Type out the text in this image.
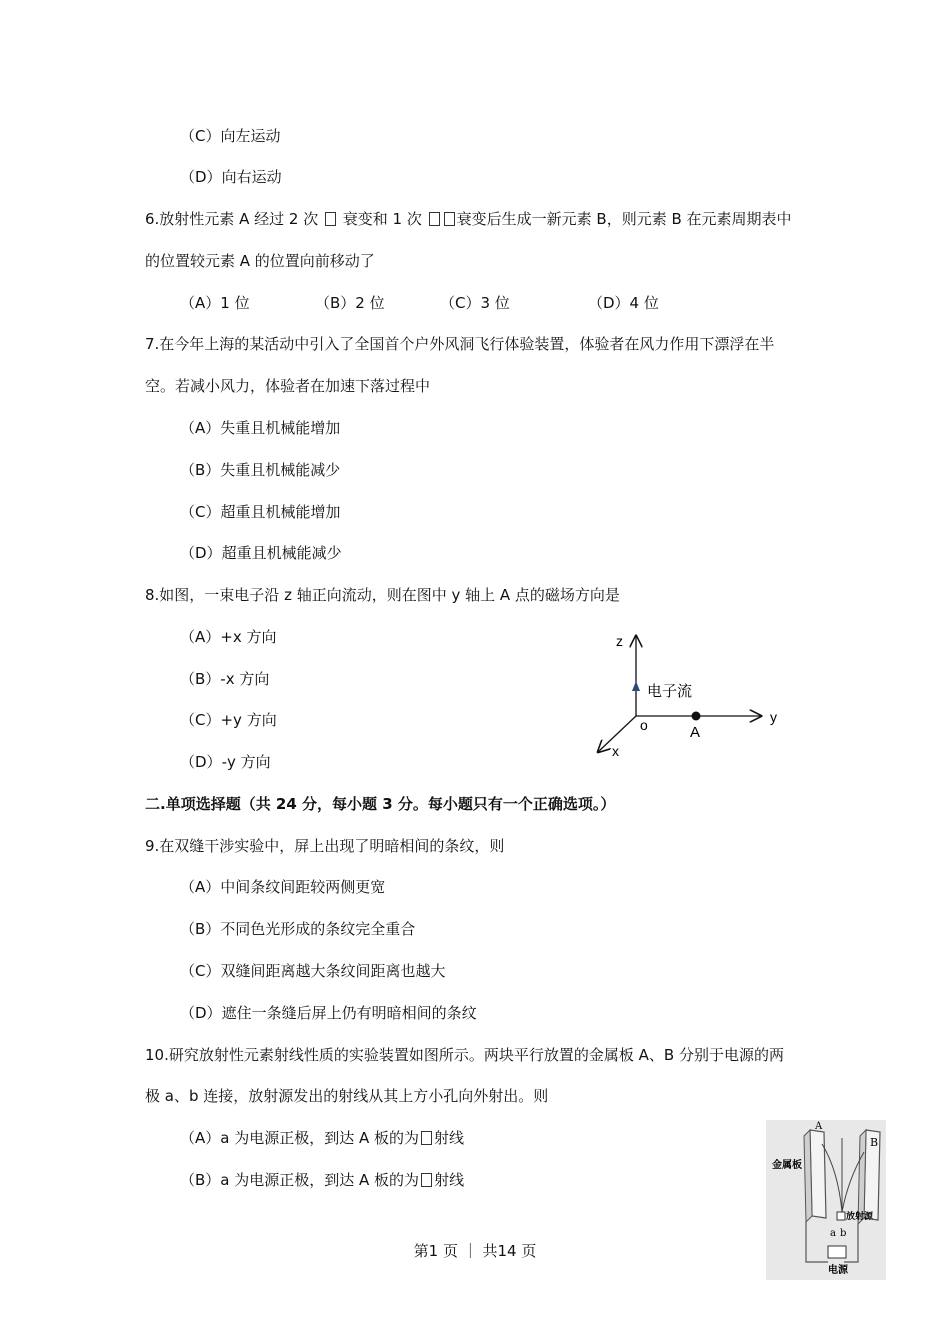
（C）向左运动
（D）向右运动
6.放射性元素 A 经过 2 次 衰变和 1 次 衰变后生成一新元素 B，则元素 B 在元素周期表中
的位置较元素 A 的位置向前移动了
（A）1 位	（B）2 位	（C）3 位	（D）4 位
7.在今年上海的某活动中引入了全国首个户外风洞飞行体验装置，体验者在风力作用下漂浮在半
空。若减小风力，体验者在加速下落过程中
（A）失重且机械能增加
（B）失重且机械能减少
（C）超重且机械能增加
（D）超重且机械能减少
8.如图，一束电子沿 z 轴正向流动，则在图中 y 轴上 A 点的磁场方向是
（A）+x 方向
（B）-x 方向
（C）+y 方向
（D）-y 方向
z
y
x
o	A
电子流
二.单项选择题（共 24 分，每小题 3 分。每小题只有一个正确选项。）
9.在双缝干涉实验中，屏上出现了明暗相间的条纹，则
（A）中间条纹间距较两侧更宽
（B）不同色光形成的条纹完全重合
（C）双缝间距离越大条纹间距离也越大
（D）遮住一条缝后屏上仍有明暗相间的条纹
10.研究放射性元素射线性质的实验装置如图所示。两块平行放置的金属板 A、B 分别于电源的两
极 a、b 连接，放射源发出的射线从其上方小孔向外射出。则
（A）a 为电源正极，到达 A 板的为 射线
（B）a 为电源正极，到达 A 板的为 射线
A
B
金属板
放射源
a b
电源
第1 页 ｜ 共14 页
